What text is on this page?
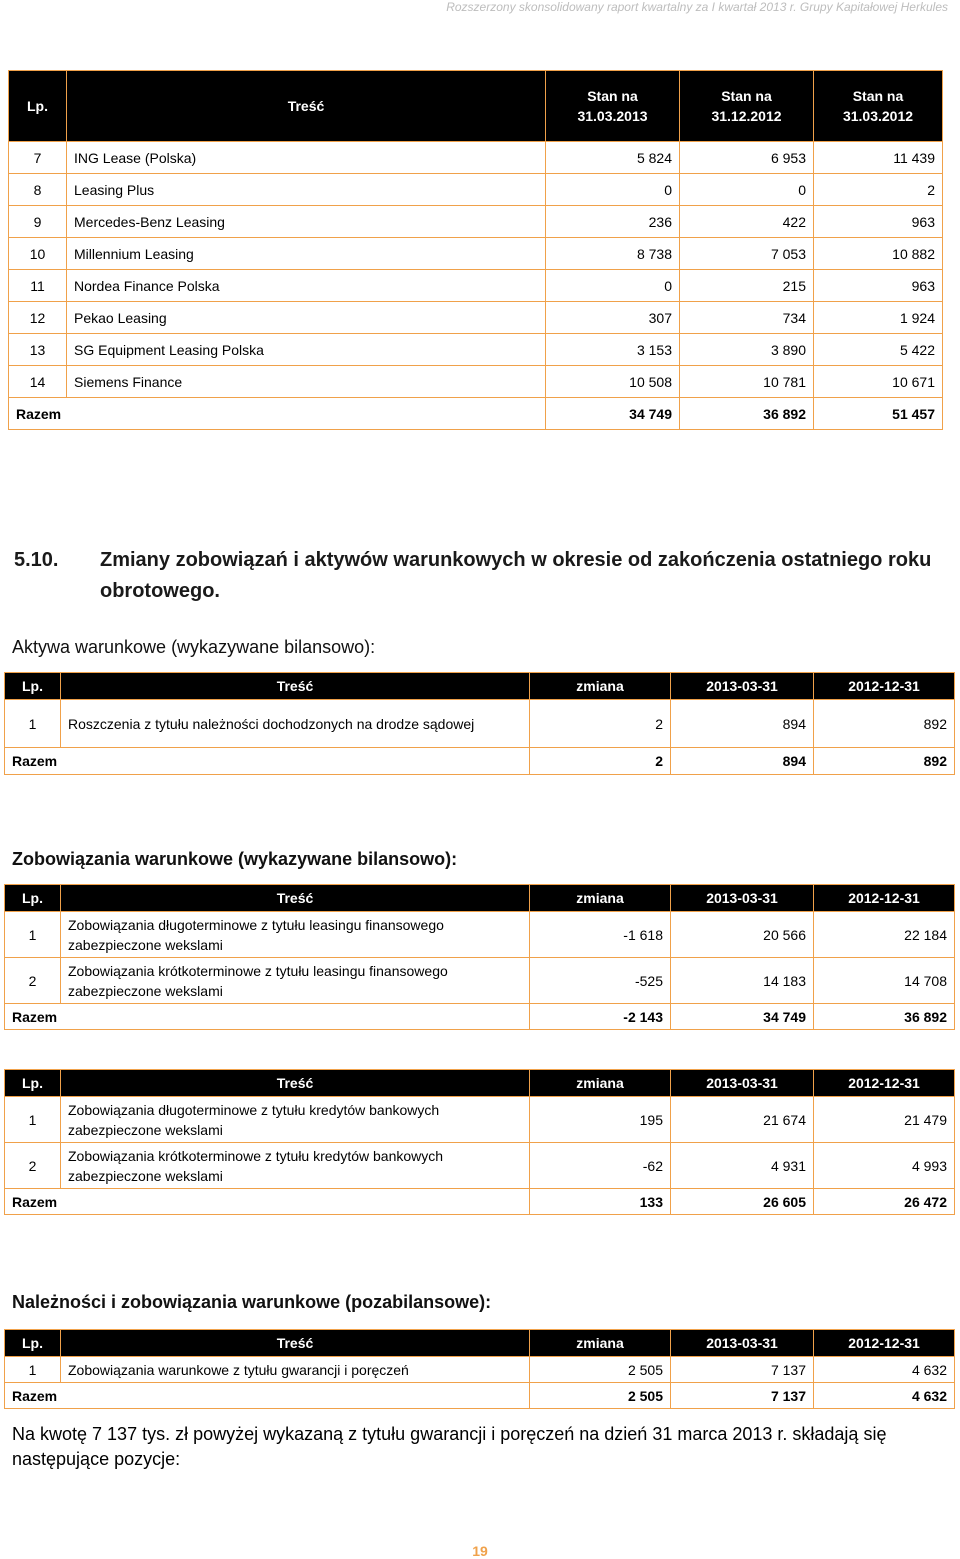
Rozszerzony skonsolidowany raport kwartalny za I kwartał 2013 r. Grupy Kapitałowej Herkules
Lp.	Treść	Stan na 31.03.2013	Stan na 31.12.2012	Stan na 31.03.2012
7	ING Lease (Polska)	5 824	6 953	11 439
8	Leasing Plus	0	0	2
9	Mercedes-Benz Leasing	236	422	963
10	Millennium Leasing	8 738	7 053	10 882
11	Nordea Finance Polska	0	215	963
12	Pekao Leasing	307	734	1 924
13	SG Equipment Leasing Polska	3 153	3 890	5 422
14	Siemens Finance	10 508	10 781	10 671
Razem		34 749	36 892	51 457
5.10. Zmiany zobowiązań i aktywów warunkowych w okresie od zakończenia ostatniego roku obrotowego.
Aktywa warunkowe (wykazywane bilansowo):
Lp.	Treść	zmiana	2013-03-31	2012-12-31
1	Roszczenia z tytułu należności dochodzonych na drodze sądowej	2	894	892
Razem		2	894	892
Zobowiązania warunkowe (wykazywane bilansowo):
Lp.	Treść	zmiana	2013-03-31	2012-12-31
1	Zobowiązania długoterminowe z tytułu leasingu finansowego zabezpieczone wekslami	-1 618	20 566	22 184
2	Zobowiązania krótkoterminowe z tytułu leasingu finansowego zabezpieczone wekslami	-525	14 183	14 708
Razem		-2 143	34 749	36 892
Lp.	Treść	zmiana	2013-03-31	2012-12-31
1	Zobowiązania długoterminowe z tytułu kredytów bankowych zabezpieczone wekslami	195	21 674	21 479
2	Zobowiązania krótkoterminowe z tytułu kredytów bankowych zabezpieczone wekslami	-62	4 931	4 993
Razem		133	26 605	26 472
Należności i zobowiązania warunkowe (pozabilansowe):
Lp.	Treść	zmiana	2013-03-31	2012-12-31
1	Zobowiązania warunkowe z tytułu gwarancji i poręczeń	2 505	7 137	4 632
Razem		2 505	7 137	4 632
Na kwotę 7 137 tys. zł powyżej wykazaną z tytułu gwarancji i poręczeń na dzień 31 marca 2013 r. składają się następujące pozycje:
19
